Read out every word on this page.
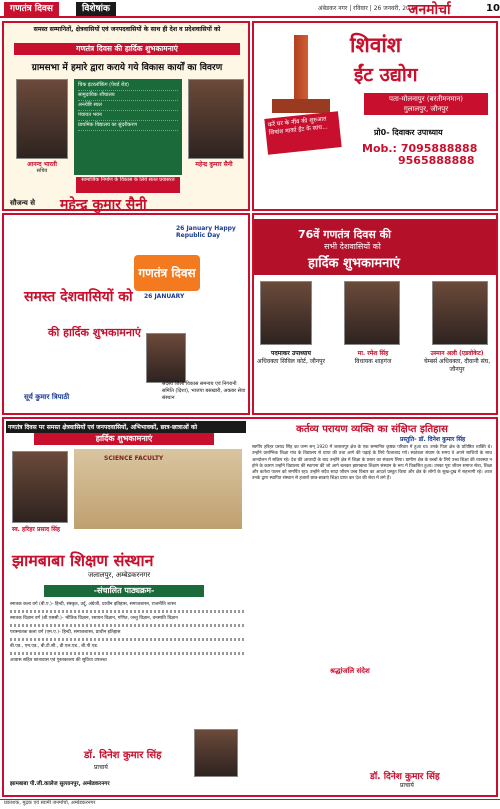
गणतंत्र दिवस	विशेषांक	अंबेडकर नगर | रविवार | 26 जनवरी, 2025
जनमोर्चा	10
समस्त सम्मानितों, क्षेत्रवासियों एवं जनपदवासियों के साथ ही देश व प्रदेशवासियों को
गणतंत्र दिवस की हार्दिक शुभकामनाएं
ग्रामसभा में हमारे द्वारा कराये गये विकास कार्यों का विवरण
चिक इंटरलॉकिंग (पेवर्ड रोड)
सामुदायिक शौचालय
अन्त्येष्टि स्थल
पंचायत भवन
प्राथमिक विद्यालय का सुंदरीकरण
आनन्द भारती
सचिव
महेन्द्र कुमार सैनी
सामाजिक निर्माण के विकास के लिये सतत प्रयासरत
सौजन्य से महेन्द्र कुमार सैनी
शिवांश
ईंट उद्योग
पता-मोलनापुर (बरतीमनमान)
गुलालपुर, जौनपुर
करें घर के नींव की शुरुआत शिवांश मार्का ईंट के साथ...	प्रो0- दिवाकर उपाध्याय
Mob.: 7095888888
9565888888
26 January Happy Republic Day
गणतंत्र दिवस
26 JANUARY
समस्त देशवासियों को
की हार्दिक शुभकामनाएं
सूर्य कुमार त्रिपाठी
सदस्य जिला विकास समन्वय एवं निगरानी समिति (दिशा), भाजपा बसखारी, अकबर सेवा संस्थान
76वें गणतंत्र दिवस की
सभी देशवासियों को
हार्दिक शुभकामनाएं
पदमाकर उपाध्याय
अधिवक्ता सिविल कोर्ट, जौनपुर
मा. रमेश सिंह
विधायक शाहगंज
उस्मान अली (एडवोकेट)
चेम्बर्स अधिवक्ता, दीवानी संघ, जौनपुर
गणतंत्र दिवस पर समस्त क्षेत्रवासियों एवं जनपदवासियों, अभिभावकों, छात्र-छात्राओं को
हार्दिक शुभकामनाएं
SCIENCE FACULTY
स्व. हरिहर प्रसाद सिंह
झामबाबा शिक्षण संस्थान
जलालपुर, अम्बेडकरनगर
-संचालित पाठ्यक्रम-
स्नातक कला वर्ग (बी.ए.)- हिन्दी, संस्कृत, उर्दू, अंग्रेजी, प्राचीन इतिहास, समाजशास्त्र, राजनीति शास्त्र
स्नातक विज्ञान वर्ग (बी.एससी.)- भौतिक विज्ञान, रसायन विज्ञान, गणित, जन्तु विज्ञान, वनस्पति विज्ञान
परास्नातक कला वर्ग (एम.ए.)- हिन्दी, समाजशास्त्र, प्राचीन इतिहास
बी.एड., एम.एड., बी.टी.सी., डी.एल.एड., बी.पी.एड.
आवास सहित छात्रावास एवं पुस्तकालय की सुविधा उपलब्ध
डॉ. दिनेश कुमार सिंह
प्राचार्य
झामबाबा पी.जी.कालेज सुल्तानपुर, अम्बेडकरनगर
कर्तव्य परायण व्यक्ति का संक्षिप्त इतिहास
प्रस्तुति- डॉ. दिनेश कुमार सिंह
स्वर्गीय हरिहर प्रसाद सिंह का जन्म सन् 1920 में जलालपुर क्षेत्र के एक सम्मानित कृषक परिवार में हुआ था। उनके पिता क्षेत्र के प्रतिष्ठित व्यक्ति थे। उन्होंने प्रारम्भिक शिक्षा गांव के विद्यालय से प्राप्त की तथा आगे की पढ़ाई के लिये फैजाबाद गये। स्वतंत्रता संग्राम के समय वे अपने साथियों के साथ आन्दोलन में सक्रिय रहे। देश की आजादी के बाद उन्होंने क्षेत्र में शिक्षा के प्रसार का संकल्प लिया। ग्रामीण क्षेत्र के बच्चों के लिये उच्च शिक्षा की व्यवस्था न होने के कारण उन्होंने विद्यालय की स्थापना की जो आगे चलकर झामबाबा शिक्षण संस्थान के रूप में विकसित हुआ। उनका पूरा जीवन समाज सेवा, शिक्षा और कर्तव्य पालन को समर्पित रहा। उन्होंने सदैव सादा जीवन उच्च विचार का आदर्श प्रस्तुत किया और क्षेत्र के लोगों के सुख-दुख में सहभागी रहे। आज उनके द्वारा स्थापित संस्थान से हजारों छात्र-छात्राएं शिक्षा प्राप्त कर देश की सेवा में लगे हैं।
श्रद्धांजलि संदेश
डॉ. दिनेश कुमार सिंह
प्राचार्य
प्रकाशक, मुद्रक एवं स्वामी जनमोर्चा, अम्बेडकरनगर
